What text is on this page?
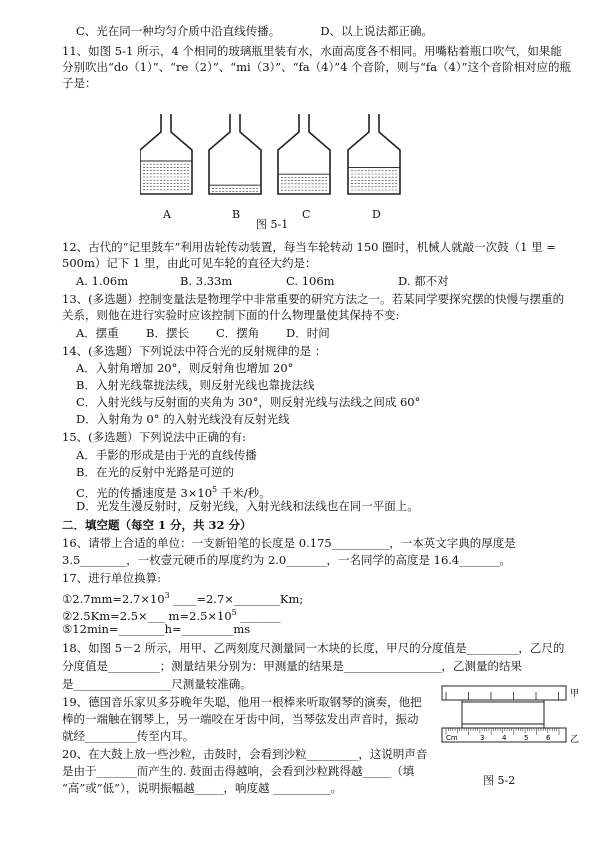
C、光在同一种均匀介质中沿直线传播。	D、以上说法都正确。
11、如图 5-1 所示，4 个相同的玻璃瓶里装有水，水面高度各不相同。用嘴粘着瓶口吹气，如果能
分别吹出“do（1）”、“re（2）”、“mi（3）”、“fa（4）”4 个音阶，则与“fa（4）”这个音阶相对应的瓶
子是：
A	B	C	D
图 5-1
12、古代的“记里鼓车”利用齿轮传动装置，每当车轮转动 150 圈时，机械人就敲一次鼓（1 里 =
500m）记下 1 里，由此可见车轮的直径大约是：
A. 1.06m	B. 3.33m	C. 106m	D. 都不对
13、(多选题）控制变量法是物理学中非常重要的研究方法之一。若某同学要探究摆的快慢与摆重的
关系，则他在进行实验时应该控制下面的什么物理量使其保持不变:
A．摆重 B．摆长 C．摆角 D．时间
14、(多选题）下列说法中符合光的反射规律的是 ：
A．入射角增加 20°，则反射角也增加 20°
B．入射光线靠拢法线，则反射光线也靠拢法线
C．入射光线与反射面的夹角为 30°，则反射光线与法线之间成 60°
D．入射角为 0° 的入射光线没有反射光线
15、(多选题）下列说法中正确的有:
A．手影的形成是由于光的直线传播
B．在光的反射中光路是可逆的
C．光的传播速度是 $3\times 10^5$ 千米/秒。
D．光发生漫反射时，反射光线，入射光线和法线也在同一平面上。
二．填空题（每空 1 分，共 32 分）
16、请带上合适的单位：一支新铅笔的长度是 0.175__________，一本英文字典的厚度是
3.5________，一枚壹元硬币的厚度约为 2.0_______，一名同学的高度是 16.4_______。
17、进行单位换算:
$①2.7mm=2.7\times 10^3$ ____=2.7×________Km;
②2.5Km=2.5×___ $m=2.5\times 10^5$ _______
⑤12min=________h=_________ms
18、如图 5－2 所示，用甲、乙两刻度尺测量同一木块的长度，甲尺的分度值是_________，乙尺的
分度值是_________；测量结果分别为：甲测量的结果是_________________，乙测量的结果
是_________________尺测量较准确。
19、德国音乐家贝多芬晚年失聪，他用一根棒来听取钢琴的演奏，他把
棒的一端触在钢琴上，另一端咬在牙齿中间，当琴弦发出声音时，振动
就经_________传至内耳。
20、在大鼓上放一些沙粒，击鼓时，会看到沙粒_________，这说明声音
是由于_______而产生的. 鼓面击得越响，会看到沙粒跳得越_____（填
“高”或“低”），说明振幅越_____，响度越 __________。
Cm	3	4	5	6
甲
乙
图 5-2
